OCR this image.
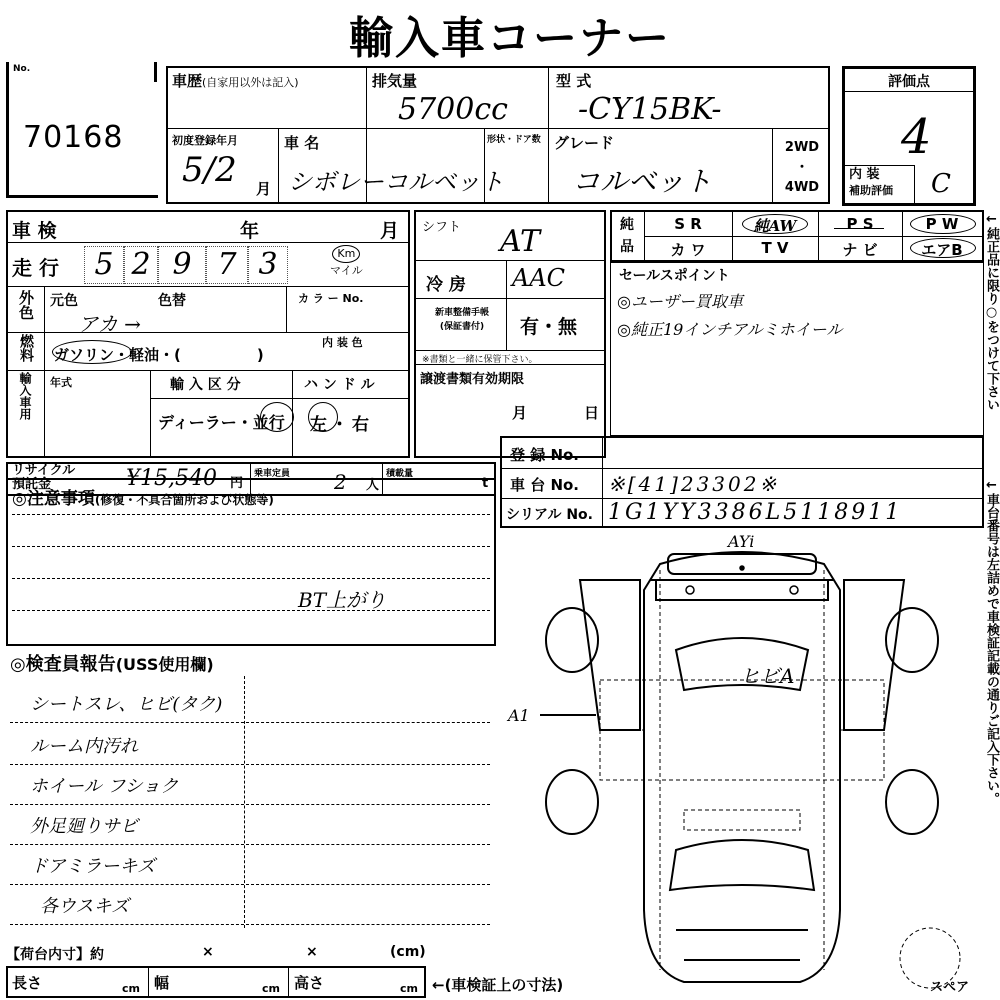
輸入車コーナー
No.
70168
車歴(自家用以外は記入)	排気量
5700cc
型 式
-CY15BK-
初度登録年月
5/2 月
車 名
シボレーコルベット
形状・ドア数 グレード
コルベット
2WD
・
4WD
評価点
4
内 装
補助評価 C
車 検	年	月
走 行	5 2 9 7 3	Km
マイル
外色 元色	色替	カ ラ ー No.
アカ →
燃料 ガソリン・軽油・(	)
内 装 色
輸入車用 年式	輸 入 区 分	ハ ン ド ル
ディーラー・並行 左・右
シフト AT
冷 房 AAC
新車整備手帳
(保証書付)	有・無
※書類と一緒に保管下さい。
譲渡書類有効期限
月	日
純
品
S R	純AW	P S	P W
カ ワ	T V	ナ ビ	エアB
セールスポイント
◎ユーザー買取車
◎純正19インチアルミホイール	←純正品に限り○をつけて下さい
リサイクル
預託金	¥15,540 円
乗車定員 2 人
積載量
t
登 録 No.
車 台 No. ※[41]23302※
シリアル No. 1G1YY3386L5118911
◎注意事項(修復・不具合箇所および状態等)
BT上がり
◎検査員報告(USS使用欄)
シートスレ、ヒビ(タク)
ルーム内汚れ
ホイール フショク
外足廻りサビ
ドアミラーキズ
各ウスキズ
AYi
ヒビA
A1
スペア
←車台番号は左詰めで車検証記載の通りご記入下さい。
【荷台内寸】約	×	×	(cm)
長さ	cm 幅	cm 高さ	cm ←(車検証上の寸法)
